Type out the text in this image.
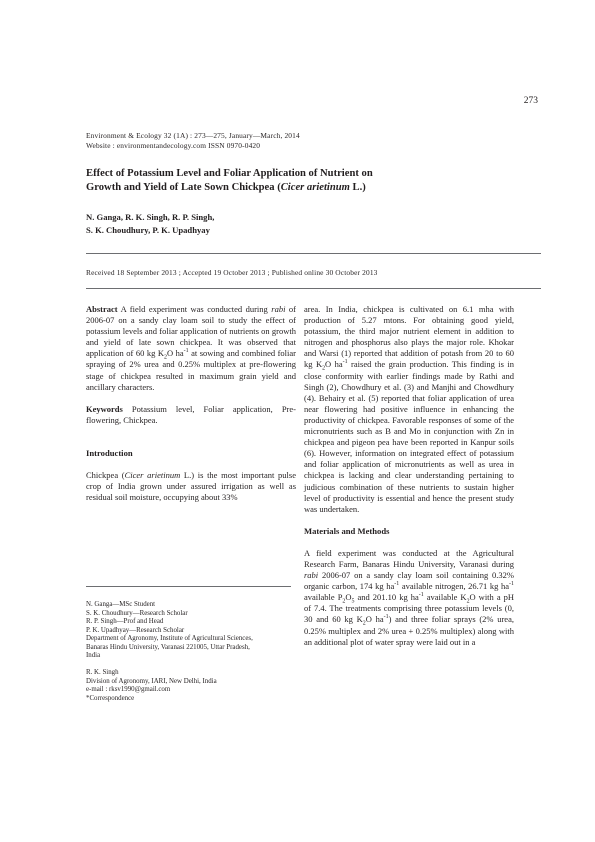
273
Environment & Ecology 32 (1A) : 273—275, January—March, 2014
Website : environmentandecology.com ISSN 0970-0420
Effect of Potassium Level and Foliar Application of Nutrient on
Growth and Yield of Late Sown Chickpea (Cicer arietinum L.)
N. Ganga, R. K. Singh, R. P. Singh,
S. K. Choudhury, P. K. Upadhyay
Received 18 September 2013 ; Accepted 19 October 2013 ; Published online 30 October 2013

Abstract A field experiment was conducted during rabi of 2006-07 on a sandy clay loam soil to study the effect of potassium levels and foliar application of nutrients on growth and yield of late sown chickpea. It was observed that application of 60 kg $K_2O$ $ha^{-1}$ at sowing and combined foliar spraying of 2% urea and 0.25% multiplex at pre-flowering stage of chickpea resulted in maximum grain yield and ancillary characters.

Keywords Potassium level, Foliar application, Pre-flowering, Chickpea.

Introduction

Chickpea (Cicer arietinum L.) is the most important pulse crop of India grown under assured irrigation as well as residual soil moisture, occupying about 33%

area. In India, chickpea is cultivated on 6.1 mha with production of 5.27 mtons. For obtaining good yield, potassium, the third major nutrient element in addition to nitrogen and phosphorus also plays the major role. Khokar and Warsi (1) reported that addition of potash from 20 to 60 kg $K_2O$ $ha^{-1}$ raised the grain production. This finding is in close conformity with earlier findings made by Rathi and Singh (2), Chowdhury et al. (3) and Manjhi and Chowdhury (4). Behairy et al. (5) reported that foliar application of urea near flowering had positive influence in enhancing the productivity of chickpea. Favorable responses of some of the micronutrients such as B and Mo in conjunction with Zn in chickpea and pigeon pea have been reported in Kanpur soils (6). However, information on integrated effect of potassium and foliar application of micronutrients as well as urea in chickpea is lacking and clear understanding pertaining to judicious combination of these nutrients to sustain higher level of productivity is essential and hence the present study was undertaken.

Materials and Methods

A field experiment was conducted at the Agricultural Research Farm, Banaras Hindu University, Varanasi during rabi 2006-07 on a sandy clay loam soil containing 0.32% organic carbon, 174 kg $ha^{-1}$ available nitrogen, 26.71 kg $ha^{-1}$ available $P_2O_5$ and 201.10 kg $ha^{-1}$ available $K_2O$ with a pH of 7.4. The treatments comprising three potassium levels (0, 30 and 60 kg $K_2O$ $ha^{-1}$) and three foliar sprays (2% urea, 0.25% multiplex and 2% urea + 0.25% multiplex) along with an additional plot of water spray were laid out in a

N. Ganga—MSc Student
S. K. Choudhury—Research Scholar
R. P. Singh—Prof and Head
P. K. Upadhyay—Research Scholar
Department of Agronomy, Institute of Agricultural Sciences,
Banaras Hindu University, Varanasi 221005, Uttar Pradesh,
India
R. K. Singh
Division of Agronomy, IARI, New Delhi, India
e-mail : rksv1990@gmail.com
*Correspondence
